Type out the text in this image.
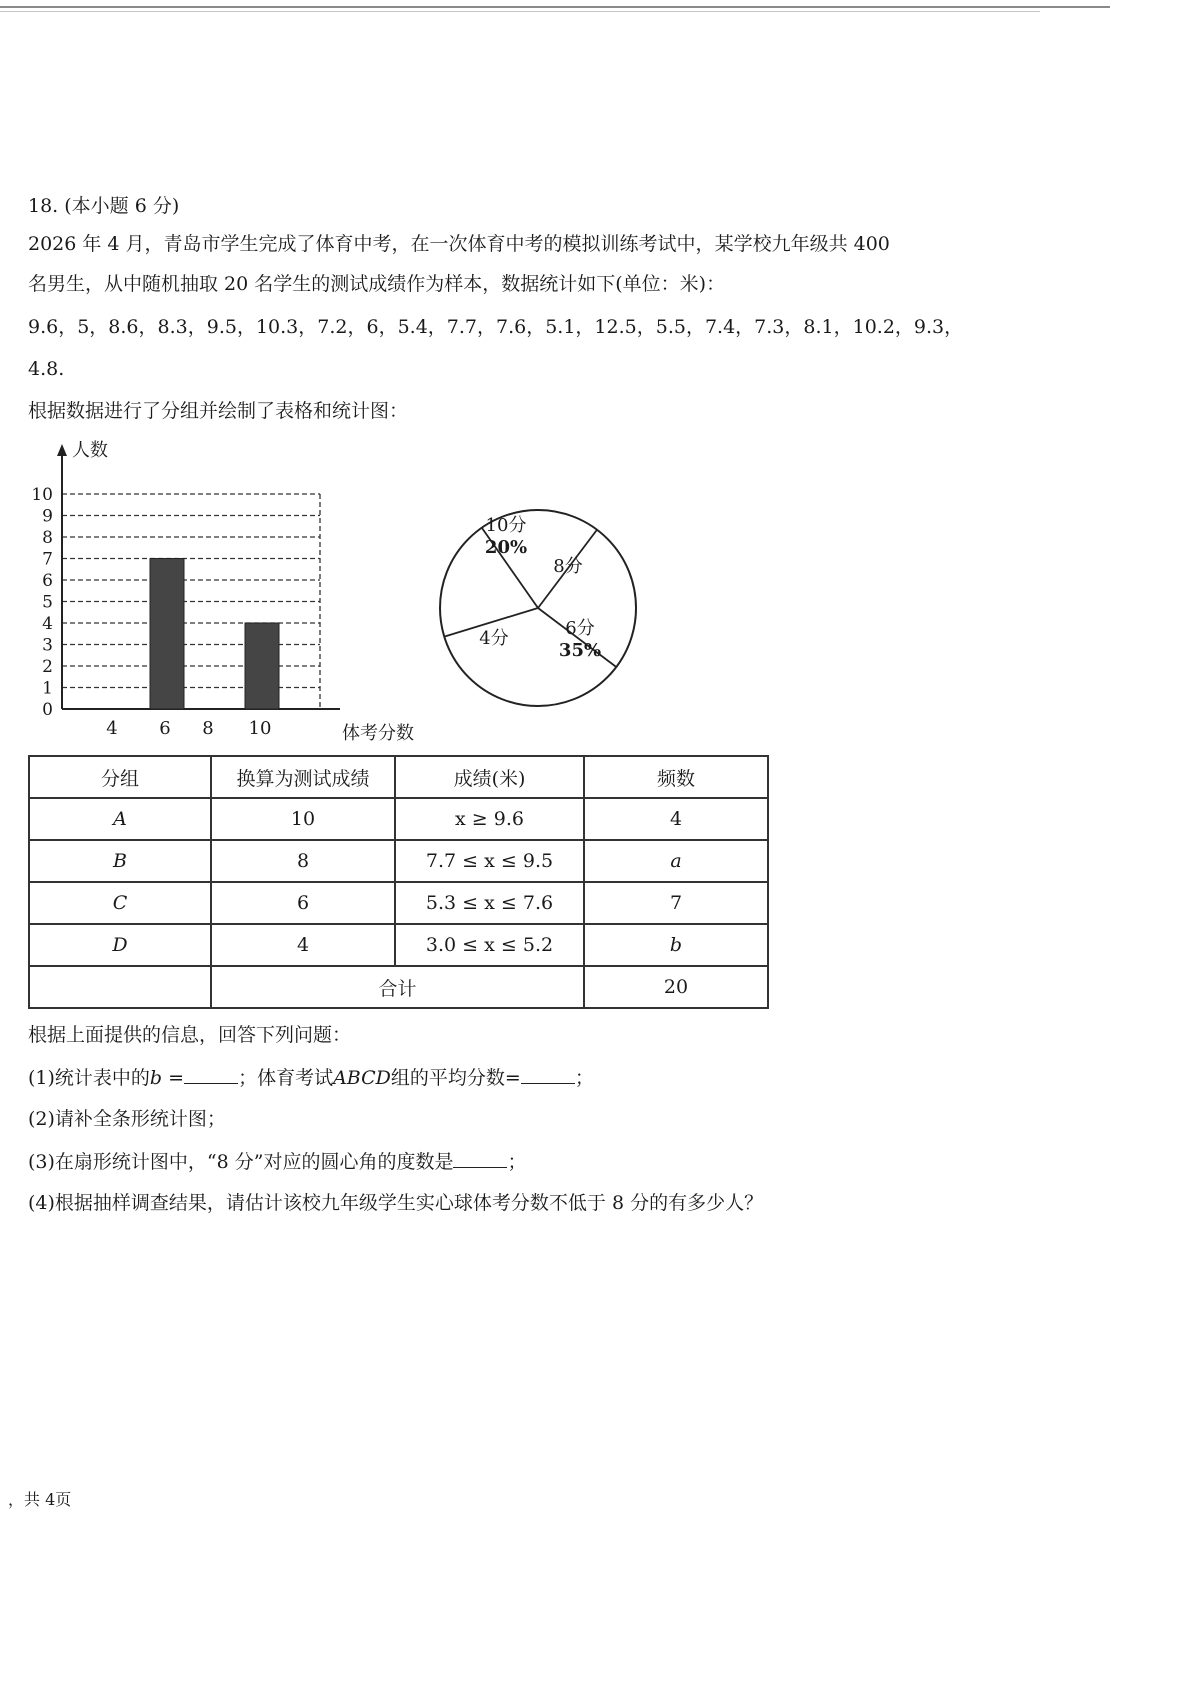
18. (本小题 6 分)
2026 年 4 月，青岛市学生完成了体育中考，在一次体育中考的模拟训练考试中，某学校九年级共 400
名男生，从中随机抽取 20 名学生的测试成绩作为样本，数据统计如下(单位：米)：
9.6，5，8.6，8.3，9.5，10.3，7.2，6，5.4，7.7，7.6，5.1，12.5，5.5，7.4，7.3，8.1，10.2，9.3，
4.8.
根据数据进行了分组并绘制了表格和统计图：
0
1
2
3
4
5
6
7
8
9
10
4 6 8 10
人数
体考分数
10分
20%
8分
6分
35%
4分
分组	换算为测试成绩	成绩(米)	频数
A	10	x ≥ 9.6	4
B	8	7.7 ≤ x ≤ 9.5	a
C	6	5.3 ≤ x ≤ 7.6	7
D	4	3.0 ≤ x ≤ 5.2	b
	合计		20
根据上面提供的信息，回答下列问题：
(1)统计表中的b =	；体育考试ABCD组的平均分数=	；
(2)请补全条形统计图；
(3)在扇形统计图中，“8 分”对应的圆心角的度数是	；
(4)根据抽样调查结果，请估计该校九年级学生实心球体考分数不低于 8 分的有多少人？
，共 4页
